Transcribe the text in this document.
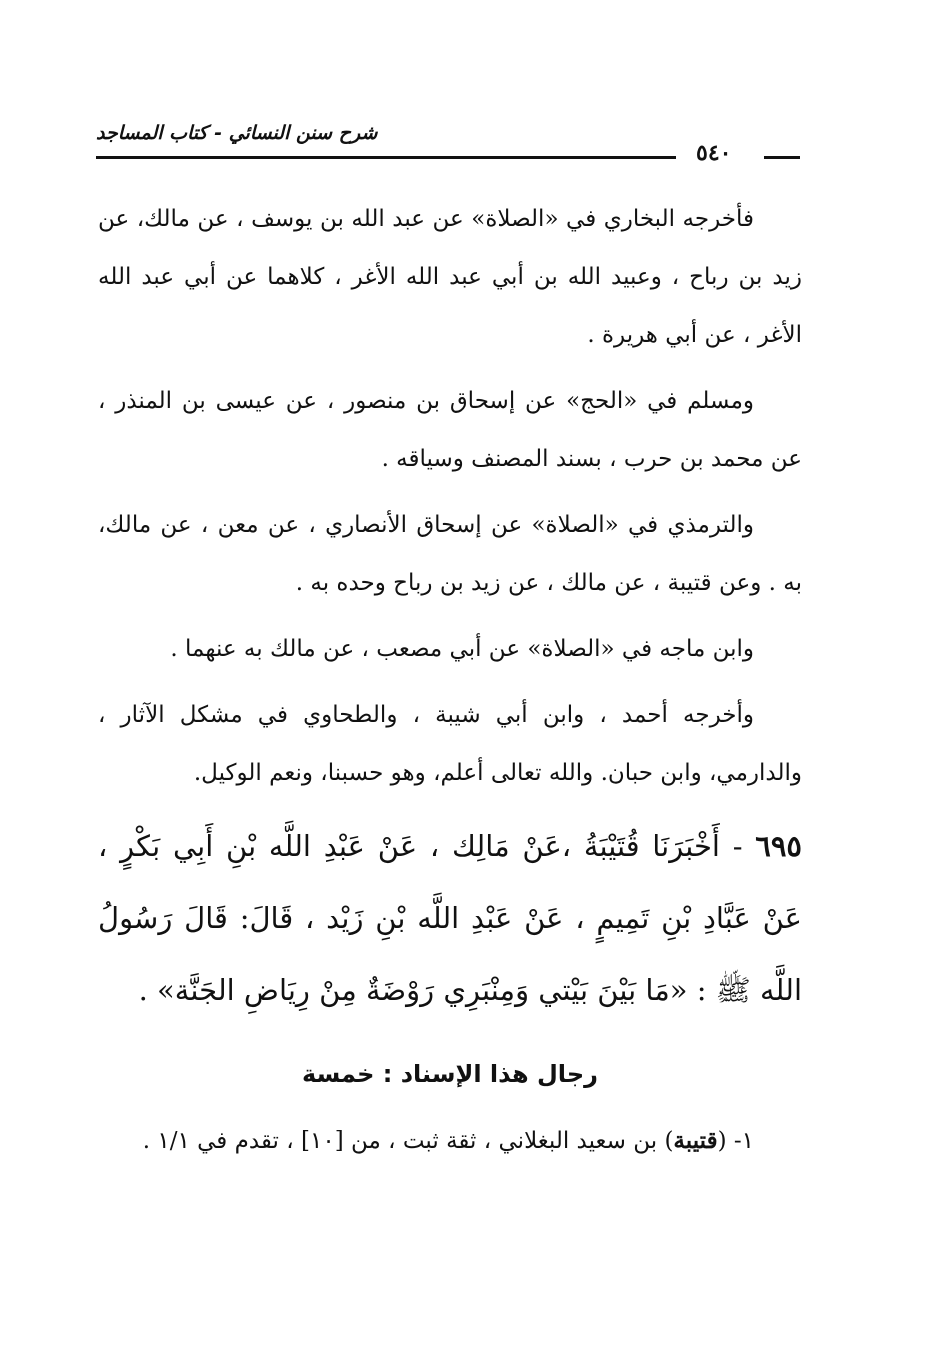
شرح سنن النسائي - كتاب المساجد
٥٤٠

فأخرجه البخاري في «الصلاة» عن عبد الله بن يوسف ، عن مالك، عن زيد بن رباح ، وعبيد الله بن أبي عبد الله الأغر ، كلاهما عن أبي عبد الله الأغر ، عن أبي هريرة .

ومسلم في «الحج» عن إسحاق بن منصور ، عن عيسى بن المنذر ، عن محمد بن حرب ، بسند المصنف وسياقه .

والترمذي في «الصلاة» عن إسحاق الأنصاري ، عن معن ، عن مالك، به . وعن قتيبة ، عن مالك ، عن زيد بن رباح وحده به .

وابن ماجه في «الصلاة» عن أبي مصعب ، عن مالك به عنهما .

وأخرجه أحمد ، وابن أبي شيبة ، والطحاوي في مشكل الآثار ، والدارمي، وابن حبان. والله تعالى أعلم، وهو حسبنا، ونعم الوكيل.

٦٩٥ - أَخْبَرَنَا قُتَيْبَةُ ،عَنْ مَالِك ، عَنْ عَبْدِ اللَّه بْنِ أَبِي بَكْرٍ ، عَنْ عَبَّادِ بْنِ تَمِيمٍ ، عَنْ عَبْدِ اللَّه بْنِ زَيْد ، قَالَ: قَالَ رَسُولُ اللَّه ﷺ : «مَا بَيْنَ بَيْتي وَمِنْبَرِي رَوْضَةٌ مِنْ رِيَاضِ الجَنَّة» .

رجال هذا الإسناد : خمسة

١- (قتيبة) بن سعيد البغلاني ، ثقة ثبت ، من [١٠] ، تقدم في ١/١ .
